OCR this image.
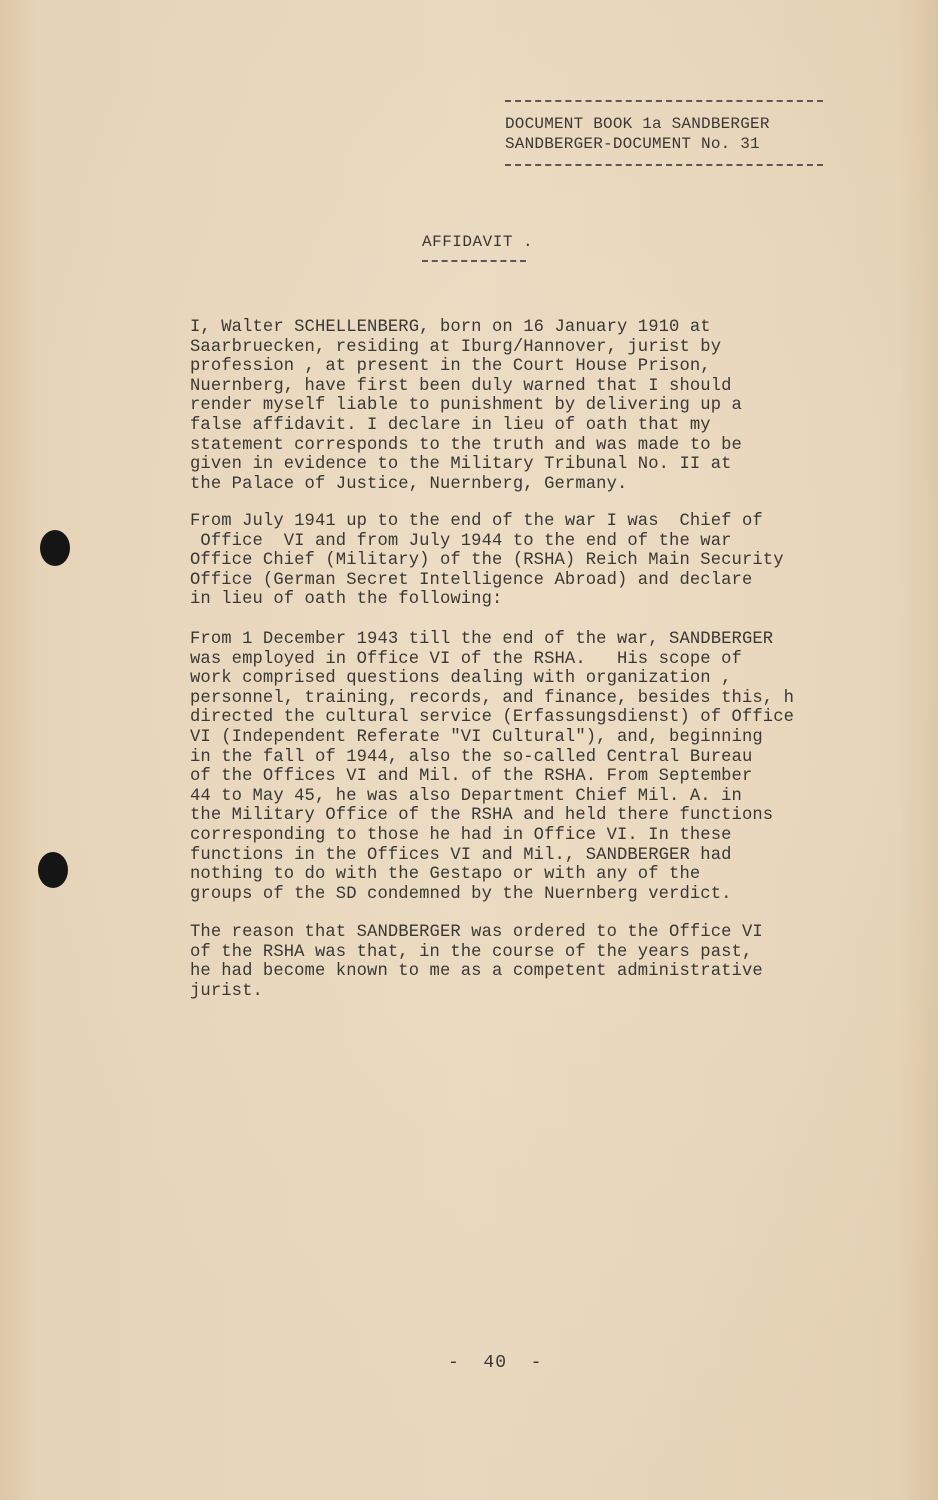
DOCUMENT BOOK 1a SANDBERGER
SANDBERGER-DOCUMENT No. 31
AFFIDAVIT .
I, Walter SCHELLENBERG, born on 16 January 1910 at
Saarbruecken, residing at Iburg/Hannover, jurist by
profession , at present in the Court House Prison,
Nuernberg, have first been duly warned that I should
render myself liable to punishment by delivering up a
false affidavit. I declare in lieu of oath that my
statement corresponds to the truth and was made to be
given in evidence to the Military Tribunal No. II at
the Palace of Justice, Nuernberg, Germany.
From July 1941 up to the end of the war I was  Chief of
Office  VI and from July 1944 to the end of the war
Office Chief (Military) of the (RSHA) Reich Main Security
Office (German Secret Intelligence Abroad) and declare
in lieu of oath the following:
From 1 December 1943 till the end of the war, SANDBERGER
was employed in Office VI of the RSHA.   His scope of
work comprised questions dealing with organization ,
personnel, training, records, and finance, besides this, h
directed the cultural service (Erfassungsdienst) of Office
VI (Independent Referate "VI Cultural"), and, beginning
in the fall of 1944, also the so-called Central Bureau
of the Offices VI and Mil. of the RSHA. From September
44 to May 45, he was also Department Chief Mil. A. in
the Military Office of the RSHA and held there functions
corresponding to those he had in Office VI. In these
functions in the Offices VI and Mil., SANDBERGER had
nothing to do with the Gestapo or with any of the
groups of the SD condemned by the Nuernberg verdict.
The reason that SANDBERGER was ordered to the Office VI
of the RSHA was that, in the course of the years past,
he had become known to me as a competent administrative
jurist.
-  40  -
